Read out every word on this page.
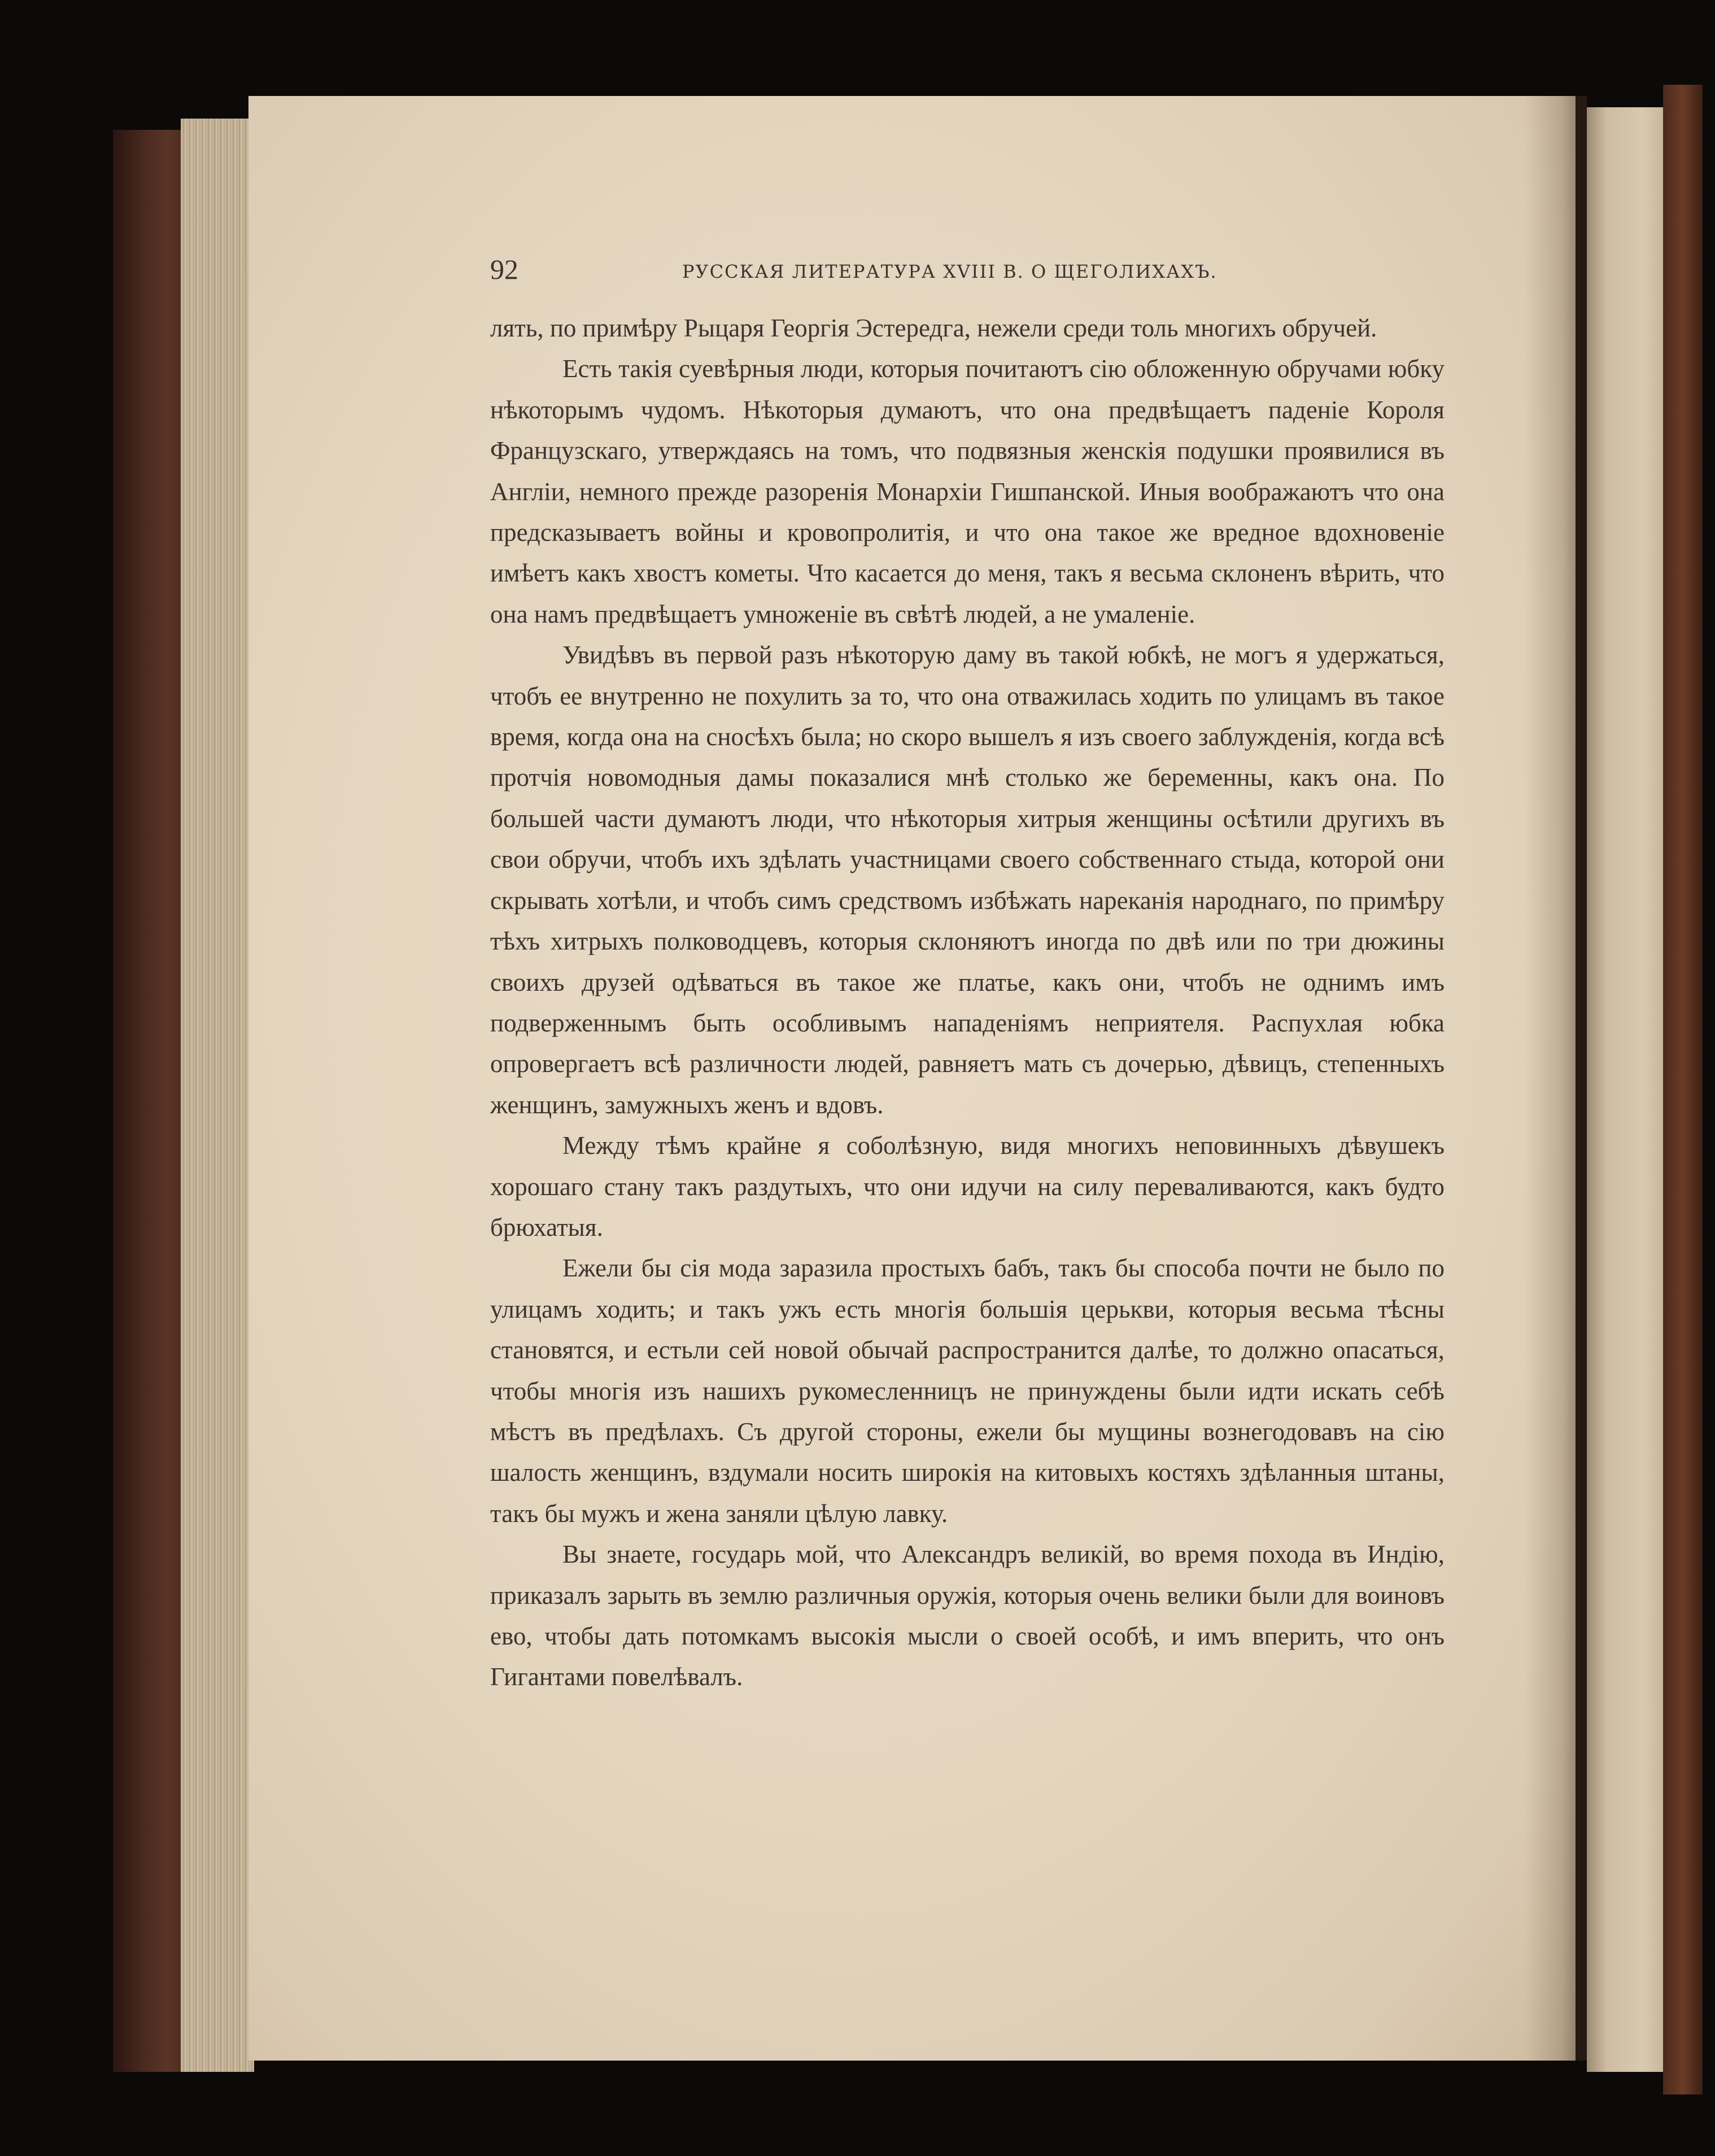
92	РУССКАЯ ЛИТЕРАТУРА XVIII В. О ЩЕГОЛИХАХЪ.

лять, по примѣру Рыцаря Георгія Эстередга, нежели среди толь многихъ обручей.

Есть такія суевѣрныя люди, которыя почитаютъ сію обложенную обручами юбку нѣкоторымъ чудомъ. Нѣкоторыя думаютъ, что она предвѣщаетъ паденіе Короля Французскаго, утверждаясь на томъ, что подвязныя женскія подушки проявилися въ Англіи, немного прежде разоренія Монархіи Гишпанской. Иныя воображаютъ что она предсказываетъ войны и кровопролитія, и что она такое же вредное вдохновеніе имѣетъ какъ хвостъ кометы. Что касается до меня, такъ я весьма склоненъ вѣрить, что она намъ предвѣщаетъ умноженіе въ свѣтѣ людей, а не умаленіе.

Увидѣвъ въ первой разъ нѣкоторую даму въ такой юбкѣ, не могъ я удержаться, чтобъ ее внутренно не похулить за то, что она отважилась ходить по улицамъ въ такое время, когда она на сносѣхъ была; но скоро вышелъ я изъ своего заблужденія, когда всѣ протчія новомодныя дамы показалися мнѣ столько же беременны, какъ она. По большей части думаютъ люди, что нѣкоторыя хитрыя женщины осѣтили другихъ въ свои обручи, чтобъ ихъ здѣлать участницами своего собственнаго стыда, которой они скрывать хотѣли, и чтобъ симъ средствомъ избѣжать нареканія народнаго, по примѣру тѣхъ хитрыхъ полководцевъ, которыя склоняютъ иногда по двѣ или по три дюжины своихъ друзей одѣваться въ такое же платье, какъ они, чтобъ не однимъ имъ подверженнымъ быть особливымъ нападеніямъ неприятеля. Распухлая юбка опровергаетъ всѣ различности людей, равняетъ мать съ дочерью, дѣвицъ, степенныхъ женщинъ, замужныхъ женъ и вдовъ.

Между тѣмъ крайне я соболѣзную, видя многихъ неповинныхъ дѣвушекъ хорошаго стану такъ раздутыхъ, что они идучи на силу переваливаются, какъ будто брюхатыя.

Ежели бы сія мода заразила простыхъ бабъ, такъ бы способа почти не было по улицамъ ходить; и такъ ужъ есть многія большія церькви, которыя весьма тѣсны становятся, и естьли сей новой обычай распространится далѣе, то должно опасаться, чтобы многія изъ нашихъ рукомесленницъ не принуждены были идти искать себѣ мѣстъ въ предѣлахъ. Съ другой стороны, ежели бы мущины вознегодовавъ на сію шалость женщинъ, вздумали носить широкія на китовыхъ костяхъ здѣланныя штаны, такъ бы мужъ и жена заняли цѣлую лавку.

Вы знаете, государь мой, что Александръ великій, во время похода въ Индію, приказалъ зарыть въ землю различныя оружія, которыя очень велики были для воиновъ ево, чтобы дать потомкамъ высокія мысли о своей особѣ, и имъ вперить, что онъ Гигантами повелѣвалъ.
